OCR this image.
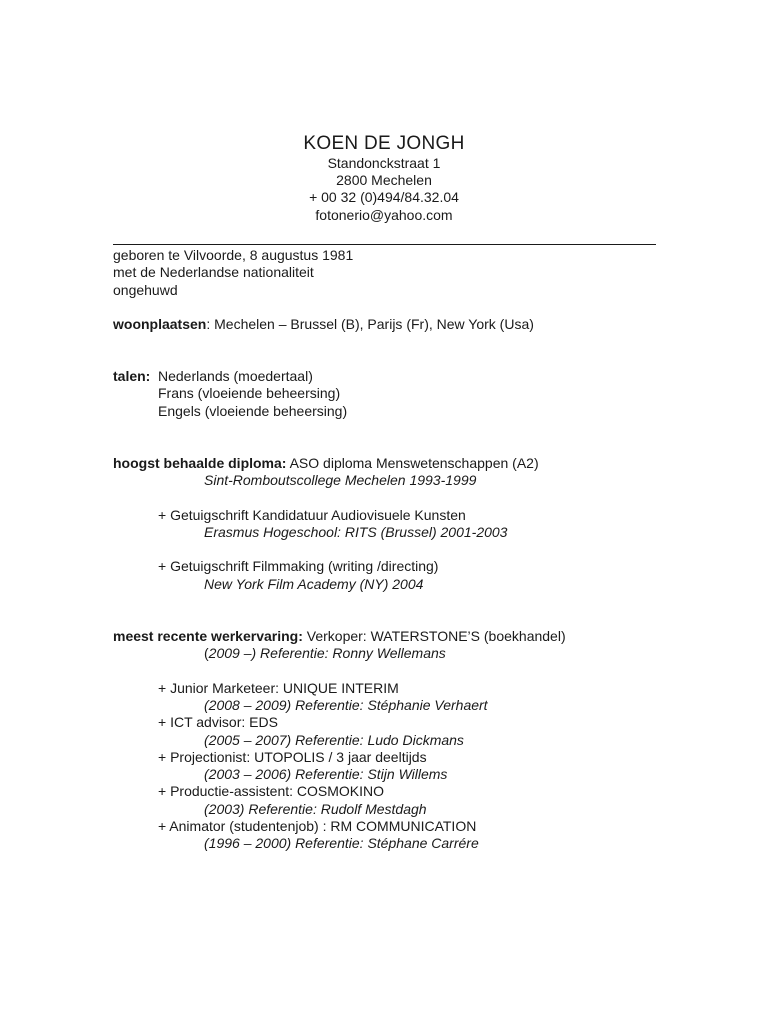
KOEN DE JONGH
Standonckstraat 1
2800 Mechelen
+ 00 32 (0)494/84.32.04
fotonerio@yahoo.com
geboren te Vilvoorde, 8 augustus 1981
met de Nederlandse nationaliteit
ongehuwd
woonplaatsen: Mechelen – Brussel (B), Parijs (Fr), New York (Usa)
talen: Nederlands (moedertaal)
Frans (vloeiende beheersing)
Engels (vloeiende beheersing)
hoogst behaalde diploma: ASO diploma Menswetenschappen (A2)
Sint-Romboutscollege Mechelen 1993-1999
+ Getuigschrift Kandidatuur Audiovisuele Kunsten
Erasmus Hogeschool: RITS (Brussel) 2001-2003
+ Getuigschrift Filmmaking (writing /directing)
New York Film Academy (NY) 2004
meest recente werkervaring: Verkoper: WATERSTONE’S (boekhandel)
(2009 –) Referentie: Ronny Wellemans
+ Junior Marketeer: UNIQUE INTERIM
(2008 – 2009) Referentie: Stéphanie Verhaert
+ ICT advisor: EDS
(2005 – 2007) Referentie: Ludo Dickmans
+ Projectionist: UTOPOLIS / 3 jaar deeltijds
(2003 – 2006) Referentie: Stijn Willems
+ Productie-assistent: COSMOKINO
(2003) Referentie: Rudolf Mestdagh
+ Animator (studentenjob) : RM COMMUNICATION
(1996 – 2000) Referentie: Stéphane Carrére
